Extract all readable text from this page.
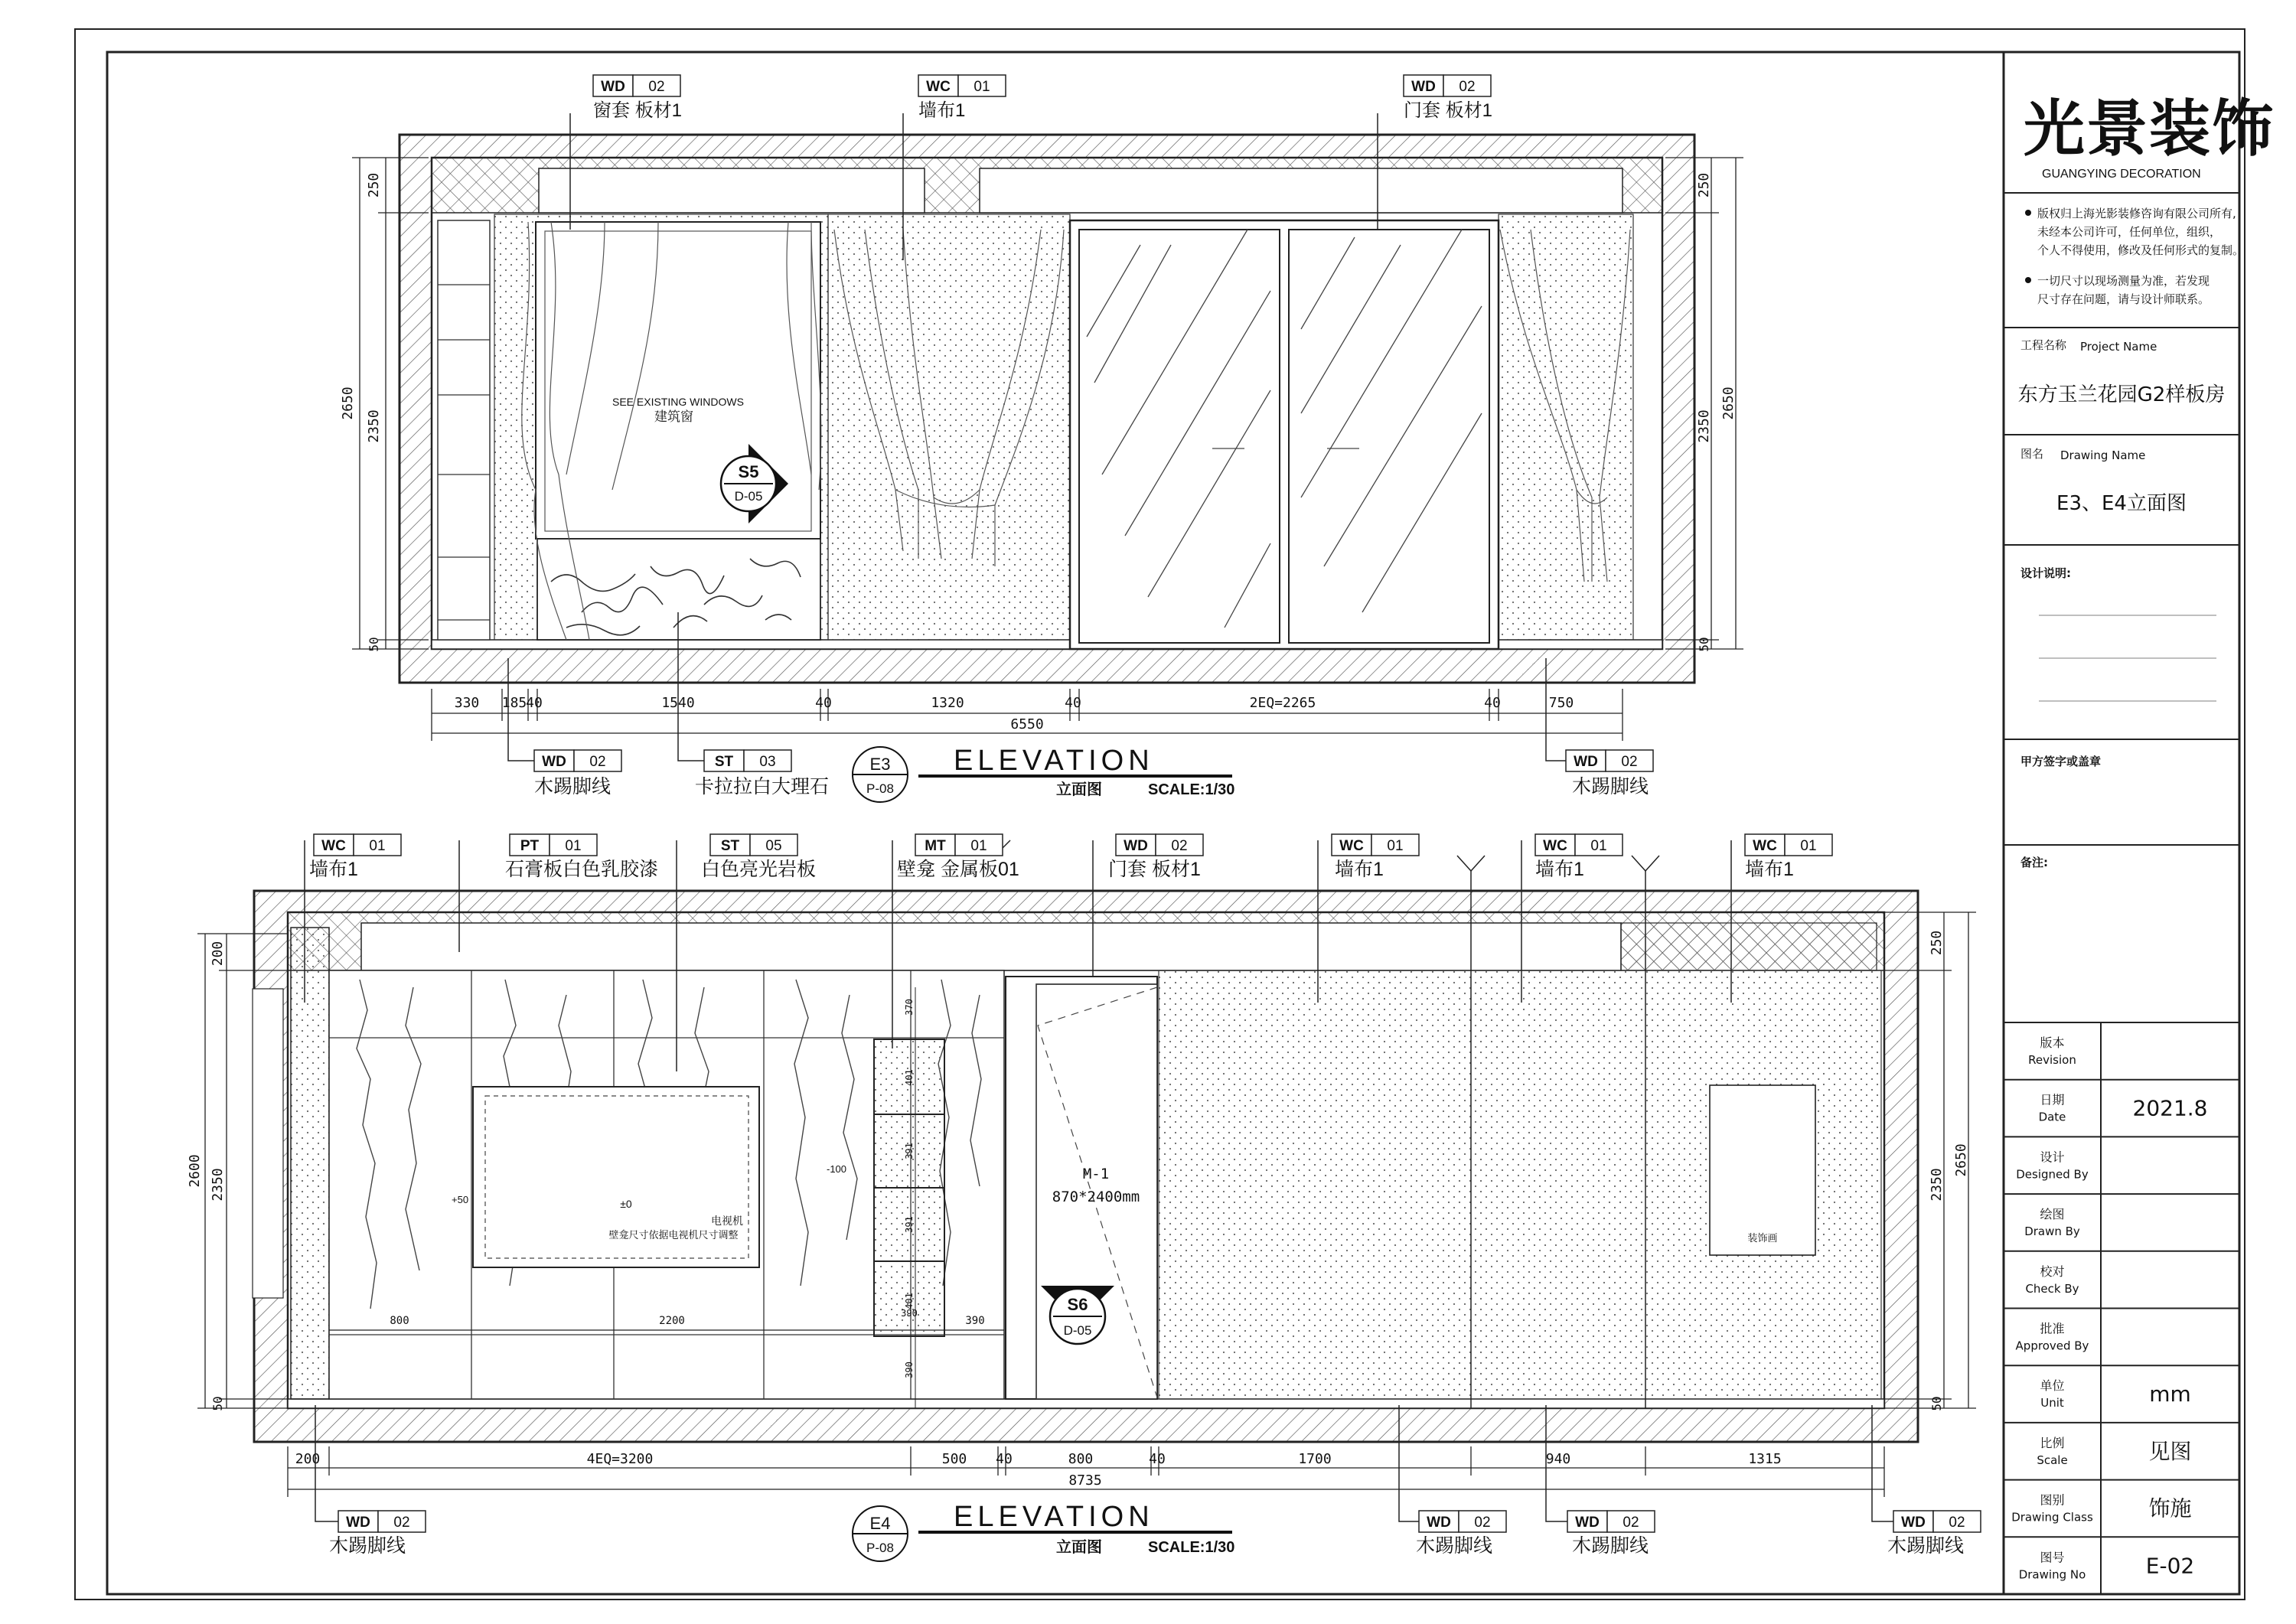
S5
D-05
SEE EXISTING WINDOWS
建筑窗
WD 02
窗套 板材1
WC 01
墙布1
WD 02
门套 板材1
2650
250
2350
50
250
2350
50
2650
330 185
40	1540	40	1320	40	2EQ=2265	40	750
6550
WD 02
木踢脚线
ST 03
卡拉拉白大理石
WD 02
木踢脚线
E3
P-08
ELEVATION
立面图	SCALE:1/30
±0
电视机
壁龛尺寸依据电视机尺寸调整
+50
-100
800	2200	390
370
401
391
391
401
390
390
M-1
870*2400mm
S6
D-05
装饰画
WC 01
墙布1
PT 01
石膏板白色乳胶漆
ST 05
白色亮光岩板
MT 01
壁龛 金属板01
WD 02
门套 板材1
WC 01
墙布1
WC 01
墙布1
WC 01
墙布1
2600
200
2350
50
250
2350
50
2650
200	4EQ=3200	500 40	800	40	1700	940	1315
8735
WD 02
木踢脚线
WD 02
木踢脚线
WD 02
木踢脚线
WD 02
木踢脚线
E4
P-08
ELEVATION
立面图	SCALE:1/30
光景装饰
GUANGYING DECORATION
版权归上海光影装修咨询有限公司所有,
未经本公司许可，任何单位，组织，
个人不得使用，修改及任何形式的复制。
一切尺寸以现场测量为准，若发现
尺寸存在问题，请与设计师联系。
工程名称 Project Name
东方玉兰花园G2样板房
图名 Drawing Name
E3、E4立面图
设计说明:
甲方签字或盖章
备注:
版本
Revision
日期
Date	2021.8
设计
Designed By
绘图
Drawn By
校对
Check By
批准
Approved By
单位
Unit	mm
比例
Scale	见图
图别
Drawing Class	饰施
图号
Drawing No	E-02
